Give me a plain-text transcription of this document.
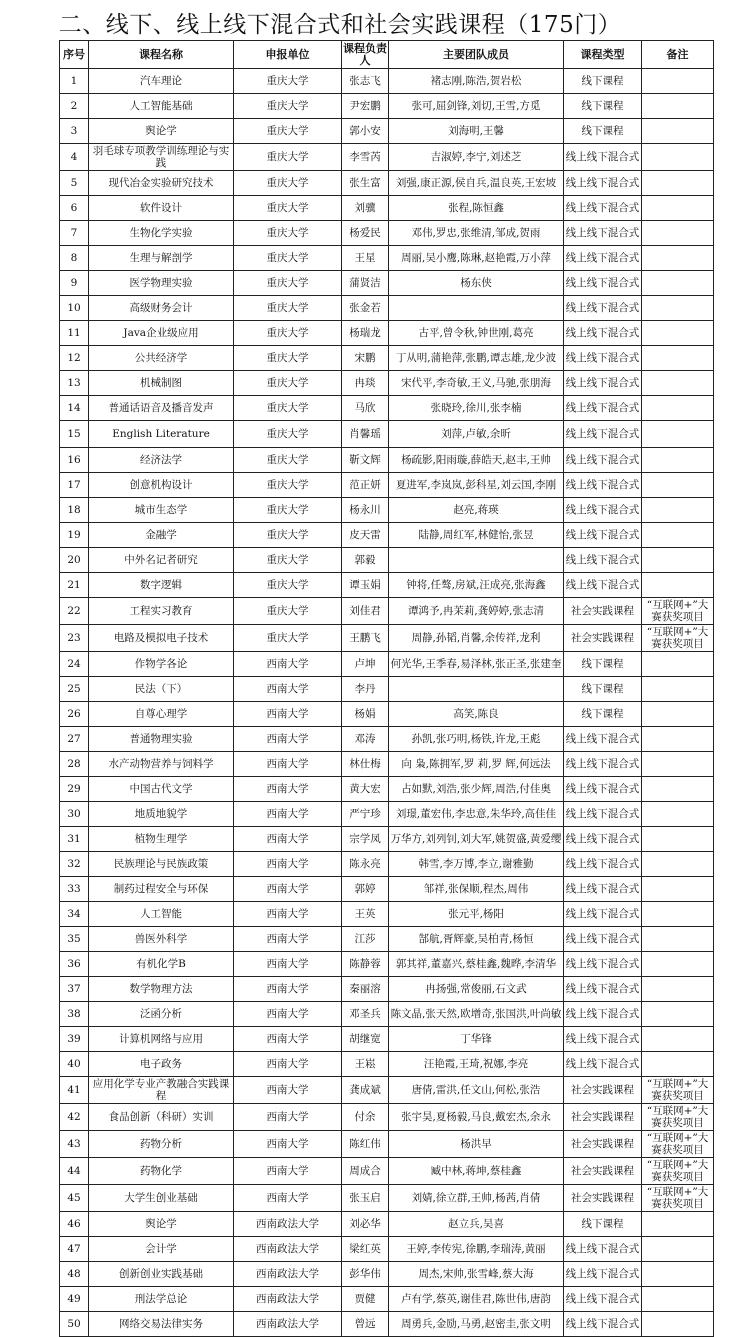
二、线下、线上线下混合式和社会实践课程（175门）
序号	课程名称	申报单位	课程负责人	主要团队成员	课程类型	备注
1	汽车理论	重庆大学	张志飞	褚志刚,陈浩,贺岩松	线下课程	
2	人工智能基础	重庆大学	尹宏鹏	张可,屈剑锋,刘切,王雪,方觅	线下课程	
3	舆论学	重庆大学	郭小安	刘海明,王馨	线下课程	
4	羽毛球专项教学训练理论与实践	重庆大学	李雪芮	吉淑婷,李宁,刘述芝	线上线下混合式	
5	现代冶金实验研究技术	重庆大学	张生富	刘强,康正源,侯自兵,温良英,王宏坡	线上线下混合式	
6	软件设计	重庆大学	刘骥	张程,陈恒鑫	线上线下混合式	
7	生物化学实验	重庆大学	杨爱民	邓伟,罗忠,张维清,邹成,贺雨	线上线下混合式	
8	生理与解剖学	重庆大学	王星	周丽,吴小鹰,陈琳,赵艳霞,万小萍	线上线下混合式	
9	医学物理实验	重庆大学	蒲贤洁	杨东侠	线上线下混合式	
10	高级财务会计	重庆大学	张金若		线上线下混合式	
11	Java企业级应用	重庆大学	杨瑞龙	古平,曾令秋,钟世刚,葛亮	线上线下混合式	
12	公共经济学	重庆大学	宋鹏	丁从明,蒲艳萍,张鹏,谭志雄,龙少波	线上线下混合式	
13	机械制图	重庆大学	冉琰	宋代平,李奇敏,王义,马驰,张朋海	线上线下混合式	
14	普通话语音及播音发声	重庆大学	马欣	张晓玲,徐川,张李楠	线上线下混合式	
15	English Literature	重庆大学	肖馨瑶	刘萍,卢敏,余昕	线上线下混合式	
16	经济法学	重庆大学	靳文辉	杨疏影,阳雨璇,薛皓天,赵丰,王帅	线上线下混合式	
17	创意机构设计	重庆大学	范正妍	夏进军,李岚岚,彭科星,刘云国,李刚	线上线下混合式	
18	城市生态学	重庆大学	杨永川	赵亮,蒋瑛	线上线下混合式	
19	金融学	重庆大学	皮天雷	陆静,周红军,林健怡,张昱	线上线下混合式	
20	中外名记者研究	重庆大学	郭毅		线上线下混合式	
21	数字逻辑	重庆大学	谭玉娟	钟将,任骜,房斌,汪成亮,张海鑫	线上线下混合式	
22	工程实习教育	重庆大学	刘佳君	谭鸿予,冉茉莉,龚婷婷,张志清	社会实践课程	“互联网+”大赛获奖项目
23	电路及模拟电子技术	重庆大学	王鹏飞	周静,孙韬,肖馨,余传祥,龙利	社会实践课程	“互联网+”大赛获奖项目
24	作物学各论	西南大学	卢坤	何光华,王季春,易泽林,张正圣,张建奎	线下课程	
25	民法（下）	西南大学	李丹		线下课程	
26	自尊心理学	西南大学	杨娟	高笑,陈良	线下课程	
27	普通物理实验	西南大学	邓涛	孙凯,张巧明,杨铁,许龙,王彪	线上线下混合式	
28	水产动物营养与饲料学	西南大学	林仕梅	向 枭,陈拥军,罗 莉,罗 辉,何远法	线上线下混合式	
29	中国古代文学	西南大学	黄大宏	占如默,刘浩,张少辉,周浩,付佳奥	线上线下混合式	
30	地质地貌学	西南大学	严宁珍	刘璟,董宏伟,李忠意,朱华玲,高佳佳	线上线下混合式	
31	植物生理学	西南大学	宗学凤	万华方,刘列钊,刘大军,姚贺盛,黄爱缨	线上线下混合式	
32	民族理论与民族政策	西南大学	陈永亮	韩雪,李万博,李立,谢雅勤	线上线下混合式	
33	制药过程安全与环保	西南大学	郭婷	邹祥,张保顺,程杰,周伟	线上线下混合式	
34	人工智能	西南大学	王英	张元平,杨阳	线上线下混合式	
35	兽医外科学	西南大学	江莎	郜航,胥辉豪,吴柏青,杨恒	线上线下混合式	
36	有机化学B	西南大学	陈静蓉	郭其祥,董嘉兴,蔡桂鑫,魏晔,李清华	线上线下混合式	
37	数学物理方法	西南大学	秦丽溶	冉扬强,常俊丽,石文武	线上线下混合式	
38	泛函分析	西南大学	邓圣兵	陈文晶,张天然,欧增奇,张国洪,叶尚敏	线上线下混合式	
39	计算机网络与应用	西南大学	胡继宽	丁华锋	线上线下混合式	
40	电子政务	西南大学	王崧	汪艳霞,王琦,祝娜,李亮	线上线下混合式	
41	应用化学专业产教融合实践课程	西南大学	龚成斌	唐倩,雷洪,任文山,何松,张浩	社会实践课程	“互联网+”大赛获奖项目
42	食品创新（科研）实训	西南大学	付余	张宇昊,夏杨毅,马良,戴宏杰,余永	社会实践课程	“互联网+”大赛获奖项目
43	药物分析	西南大学	陈红伟	杨洪早	社会实践课程	“互联网+”大赛获奖项目
44	药物化学	西南大学	周成合	臧中林,蒋坤,蔡桂鑫	社会实践课程	“互联网+”大赛获奖项目
45	大学生创业基础	西南大学	张玉启	刘婧,徐立群,王帅,杨茜,肖倩	社会实践课程	“互联网+”大赛获奖项目
46	舆论学	西南政法大学	刘必华	赵立兵,吴喜	线下课程	
47	会计学	西南政法大学	梁红英	王婷,李传宪,徐鹏,李瑞涛,黄丽	线上线下混合式	
48	创新创业实践基础	西南政法大学	彭华伟	周杰,宋帅,张雪峰,蔡大海	线上线下混合式	
49	刑法学总论	西南政法大学	贾健	卢有学,蔡英,谢佳君,陈世伟,唐韵	线上线下混合式	
50	网络交易法律实务	西南政法大学	曾远	周勇兵,金励,马勇,赵密圭,张文明	线上线下混合式	
